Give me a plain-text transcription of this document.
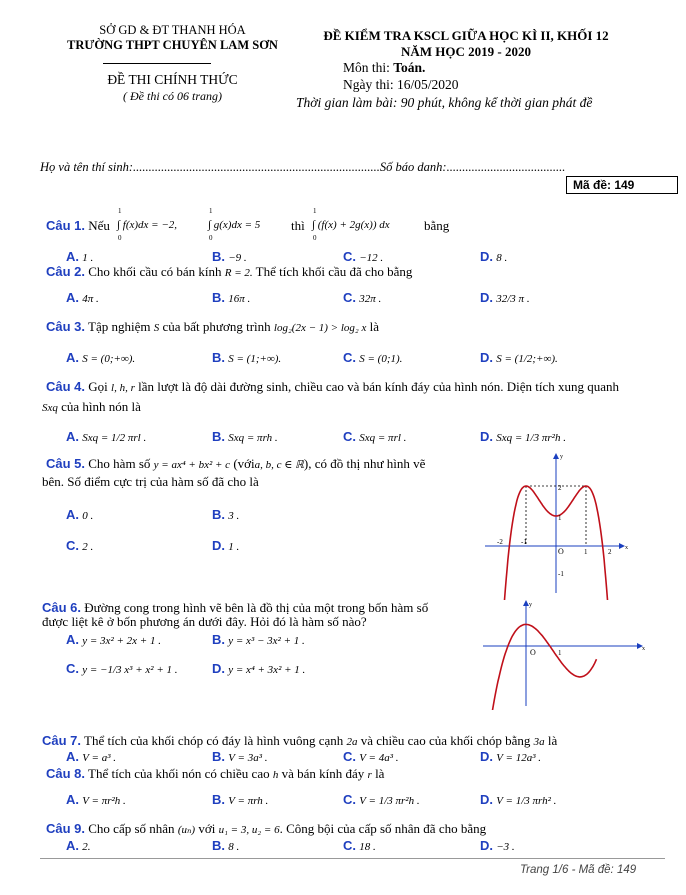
SỞ GD & ĐT THANH HÓA
TRƯỜNG THPT CHUYÊN LAM SƠN
ĐỀ THI CHÍNH THỨC
( Đề thi có 06 trang)
ĐỀ KIỂM TRA KSCL GIỮA HỌC KÌ II, KHỐI 12
NĂM HỌC 2019 - 2020
Môn thi: Toán.
Ngày thi: 16/05/2020
Thời gian làm bài: 90 phút, không kể thời gian phát đề
Họ và tên thí sinh:...............................................................................Số báo danh:......................................
Mã đề: 149
Câu 1. Nếu ∫ f(x)dx = −2,
1
0
∫ g(x)dx = 5
1
0
thì ∫ (f(x) + 2g(x)) dx
1
0
bằng
A. 1 .	B. −9 .	C. −12 .	D. 8 .
Câu 2. Cho khối cầu có bán kính R = 2. Thể tích khối cầu đã cho bằng
A. 4π .	B. 16π .	C. 32π .	D. 32/3 π .
Câu 3. Tập nghiệm S của bất phương trình log₂(2x − 1) > log₂ x là
A. S = (0;+∞).	B. S = (1;+∞).	C. S = (0;1).	D. S = (1/2;+∞).
Câu 4. Gọi l, h, r lần lượt là độ dài đường sinh, chiều cao và bán kính đáy của hình nón. Diện tích xung quanh
Sxq của hình nón là
A. Sxq = 1/2 πrl .	B. Sxq = πrh .	C. Sxq = πrl .	D. Sxq = 1/3 πr²h .
Câu 5. Cho hàm số y = ax⁴ + bx² + c (vớia, b, c ∈ ℝ), có đồ thị như hình vẽ
bên. Số điểm cực trị của hàm số đã cho là
A. 0 .	B. 3 .
C. 2 .	D. 1 .	-2	-1
O	1	2
2
1
-1
x
y
Câu 6. Đường cong trong hình vẽ bên là đồ thị của một trong bốn hàm số
được liệt kê ở bốn phương án dưới đây. Hỏi đó là hàm số nào?
A. y = 3x² + 2x + 1 .	B. y = x³ − 3x² + 1 .
C. y = −1/3 x³ + x² + 1 .	D. y = x⁴ + 3x² + 1 .
O	1	x
y
Câu 7. Thể tích của khối chóp có đáy là hình vuông cạnh 2a và chiều cao của khối chóp bằng 3a là
A. V = a³ .	B. V = 3a³ .	C. V = 4a³ .	D. V = 12a³ .
Câu 8. Thể tích của khối nón có chiều cao h và bán kính đáy r là
A. V = πr²h .	B. V = πrh .	C. V = 1/3 πr²h .	D. V = 1/3 πrh² .
Câu 9. Cho cấp số nhân (uₙ) với u₁ = 3, u₂ = 6. Công bội của cấp số nhân đã cho bằng
A. 2.	B. 8 .	C. 18 .	D. −3 .
Trang 1/6 - Mã đề: 149
